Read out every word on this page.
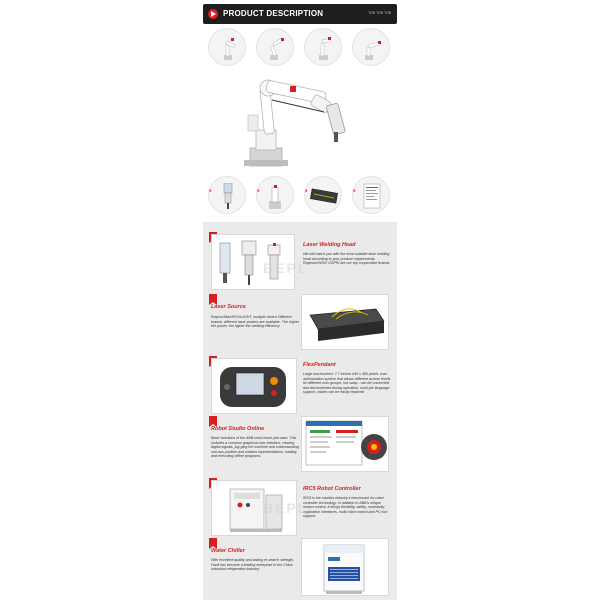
PRODUCT DESCRIPTION	ТОВ ТОВ ТОВ
Laser Welding Head
We will match you with the most suitable laser welding head according to your product requirements. Raytools/WSX/ OSPRI are our top cooperative brands.
BEPL
Laser Source
Raycus/Max/IPG/nLIGHT, multiple choice Different brands, different laser powers are available. The higher the power, the higher the welding efficiency
FlexPendant
Large touchscreen: 7.7 inches 640 x 480 pixels. user authorization system that allows different access levels for different user groups, hot swap - can be connected and disconnected during operation, multi-ple language support, cables can be easily replaced
Robot Studio Online
Basic functions of the ABB robot teach pen-dant. This includes a common graphical user interface, viewing digital signals, jog-ging the machine and understanding vari-ous position and rotation representations, loading and executing offline programs.
IRC5 Robot Controller
IRC5 is the robotics industry's benchmark for robot controller technology. In addition to ABB's unique motion control, it brings flexibility, safety, modularity, application interfaces, multi-robot control and PC tool support.
BEPL
Water Chiller
With excellent quality and lasting re-search strength, Hanli has become a leading enterprise in the China industrial refrigeration industry.
